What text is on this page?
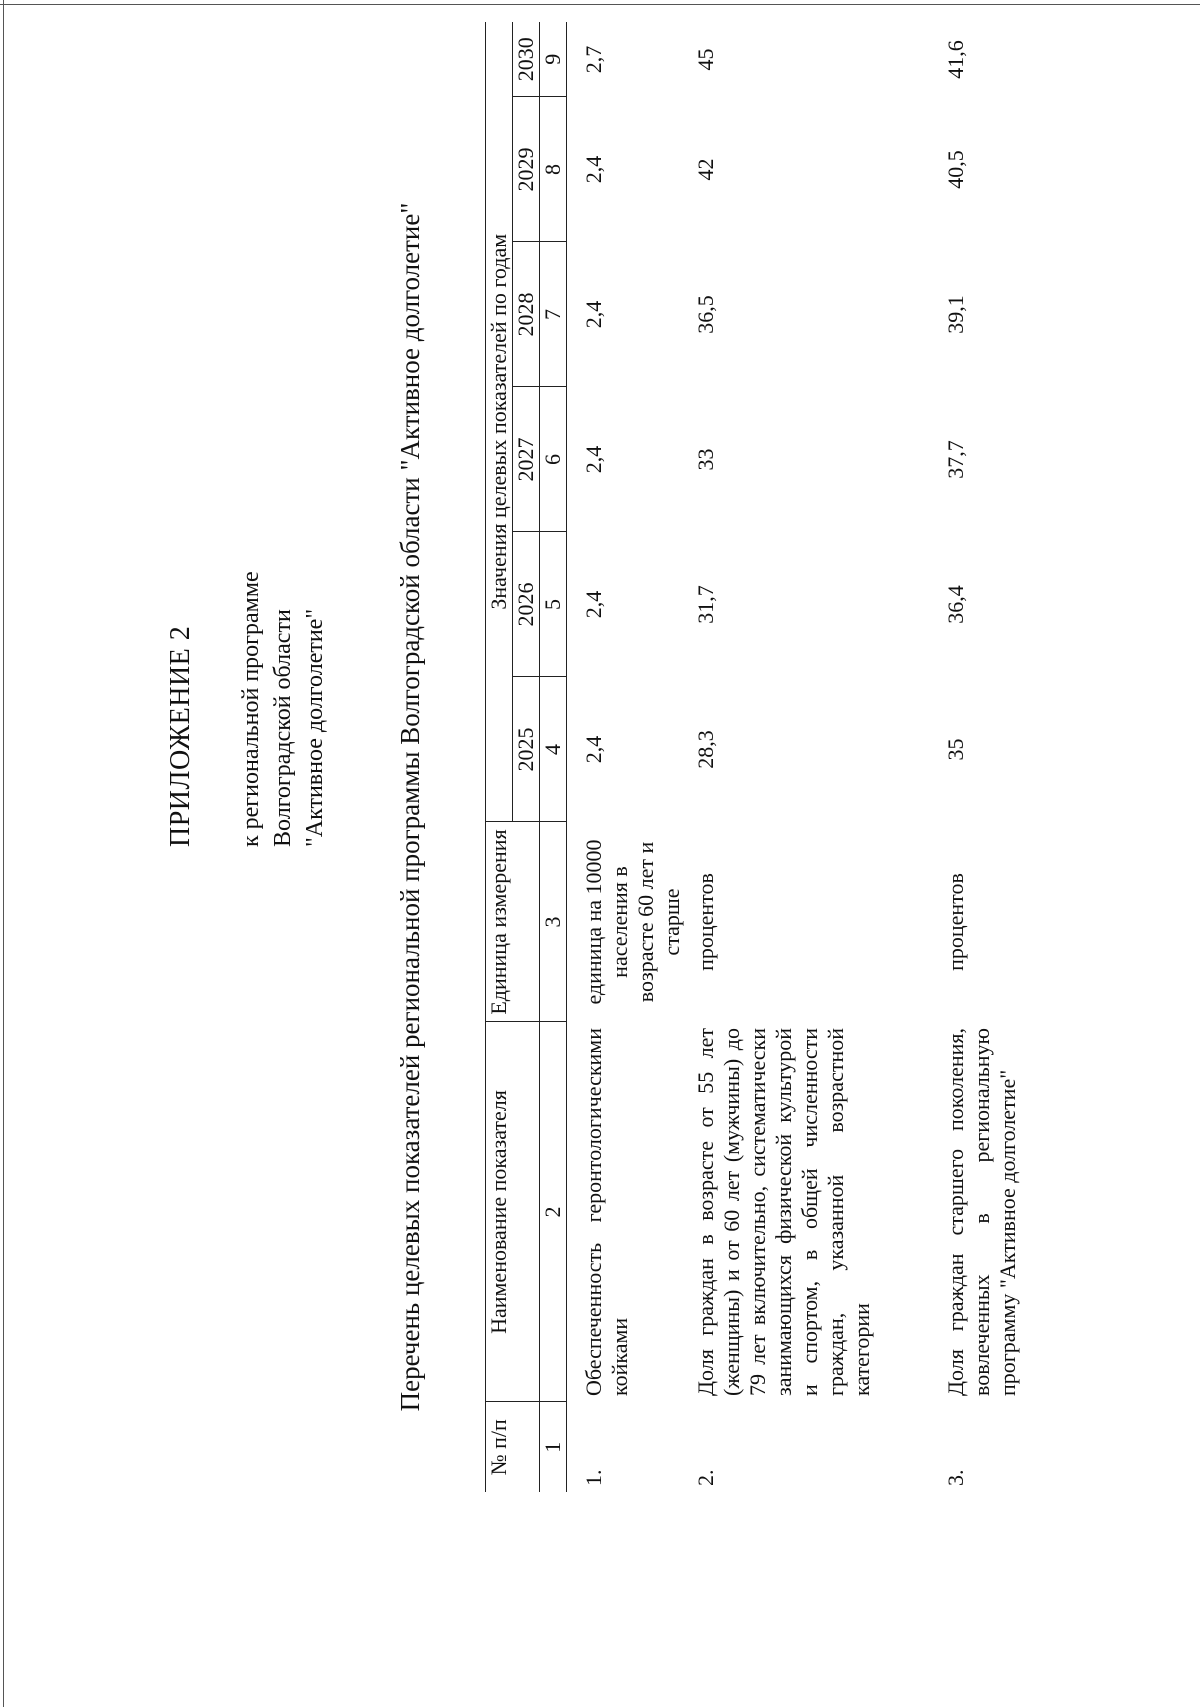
ПРИЛОЖЕНИЕ 2 к региональной программе Волгоградской области "Активное долголетие" Перечень целевых показателей региональной программы Волгоградской области "Активное долголетие"
№ п/п	Наименование показателя	Единица измерения	Значения целевых показателей по годам					
			2025	2026	2027	2028	2029	2030
1	2	3	4	5	6	7	8	9
1.	Обеспеченность геронтологическими койками	единица на 10000 населения в возрасте 60 лет и старше	2,4	2,4	2,4	2,4	2,4	2,7
2.	Доля граждан в возрасте от 55 лет (женщины) и от 60 лет (мужчины) до 79 лет включительно, систематически занимающихся физической культурой и спортом, в общей численности граждан, указанной возрастной категории	процентов	28,3	31,7	33	36,5	42	45
3.	Доля граждан старшего поколения, вовлеченных в региональную программу "Активное долголетие"	процентов	35	36,4	37,7	39,1	40,5	41,6
